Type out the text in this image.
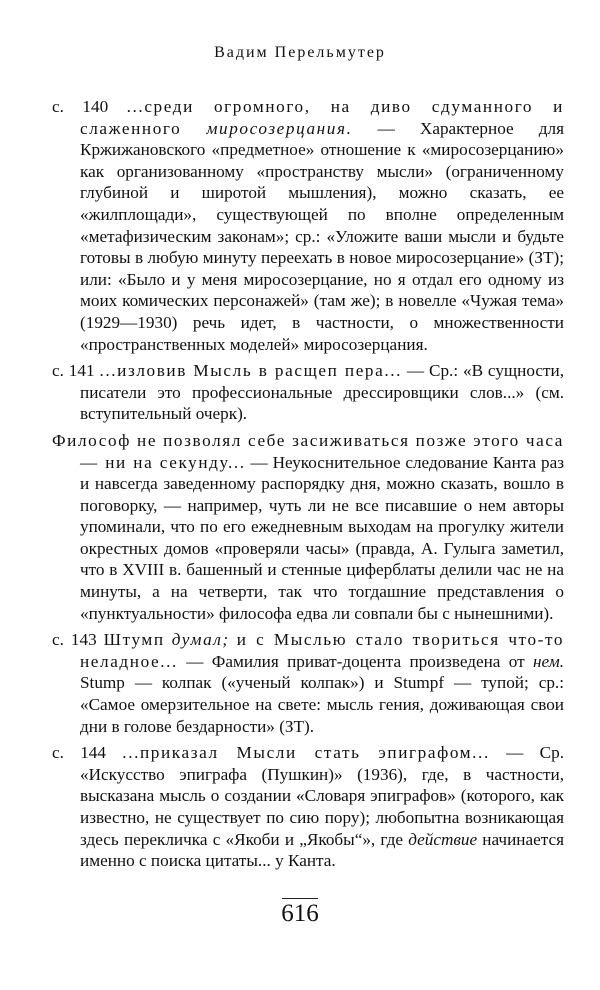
Вадим Перельмутер

с. 140 ...среди огромного, на диво сдуманного и слаженного миросозерцания. — Характерное для Кржижановского «предметное» отношение к «миросозерцанию» как организованному «пространству мысли» (ограниченному глубиной и широтой мышления), можно сказать, ее «жилплощади», существующей по вполне определенным «метафизическим законам»; ср.: «Уложите ваши мысли и будьте готовы в любую минуту переехать в новое миросозерцание» (ЗТ); или: «Было и у меня миросозерцание, но я отдал его одному из моих комических персонажей» (там же); в новелле «Чужая тема» (1929—1930) речь идет, в частности, о множественности «пространственных моделей» миросозерцания.

с. 141 ...изловив Мысль в расщеп пера... — Ср.: «В сущности, писатели это профессиональные дрессировщики слов...» (см. вступительный очерк).

Философ не позволял себе засиживаться позже этого часа — ни на секунду... — Неукоснительное следование Канта раз и навсегда заведенному распорядку дня, можно сказать, вошло в поговорку, — например, чуть ли не все писавшие о нем авторы упоминали, что по его ежедневным выходам на прогулку жители окрестных домов «проверяли часы» (правда, А. Гулыга заметил, что в XVIII в. башенный и стенные циферблаты делили час не на минуты, а на четверти, так что тогдашние представления о «пунктуальности» философа едва ли совпали бы с нынешними).

с. 143 Штумп думал; и с Мыслью стало твориться что-то неладное... — Фамилия приват-доцента произведена от нем. Stump — колпак («ученый колпак») и Stumpf — тупой; ср.: «Самое омерзительное на свете: мысль гения, доживающая свои дни в голове бездарности» (ЗТ).

с. 144 ...приказал Мысли стать эпиграфом... — Ср. «Искусство эпиграфа (Пушкин)» (1936), где, в частности, высказана мысль о создании «Словаря эпиграфов» (которого, как известно, не существует по сию пору); любопытна возникающая здесь перекличка с «Якоби и „Якобы“», где действие начинается именно с поиска цитаты... у Канта.

616
